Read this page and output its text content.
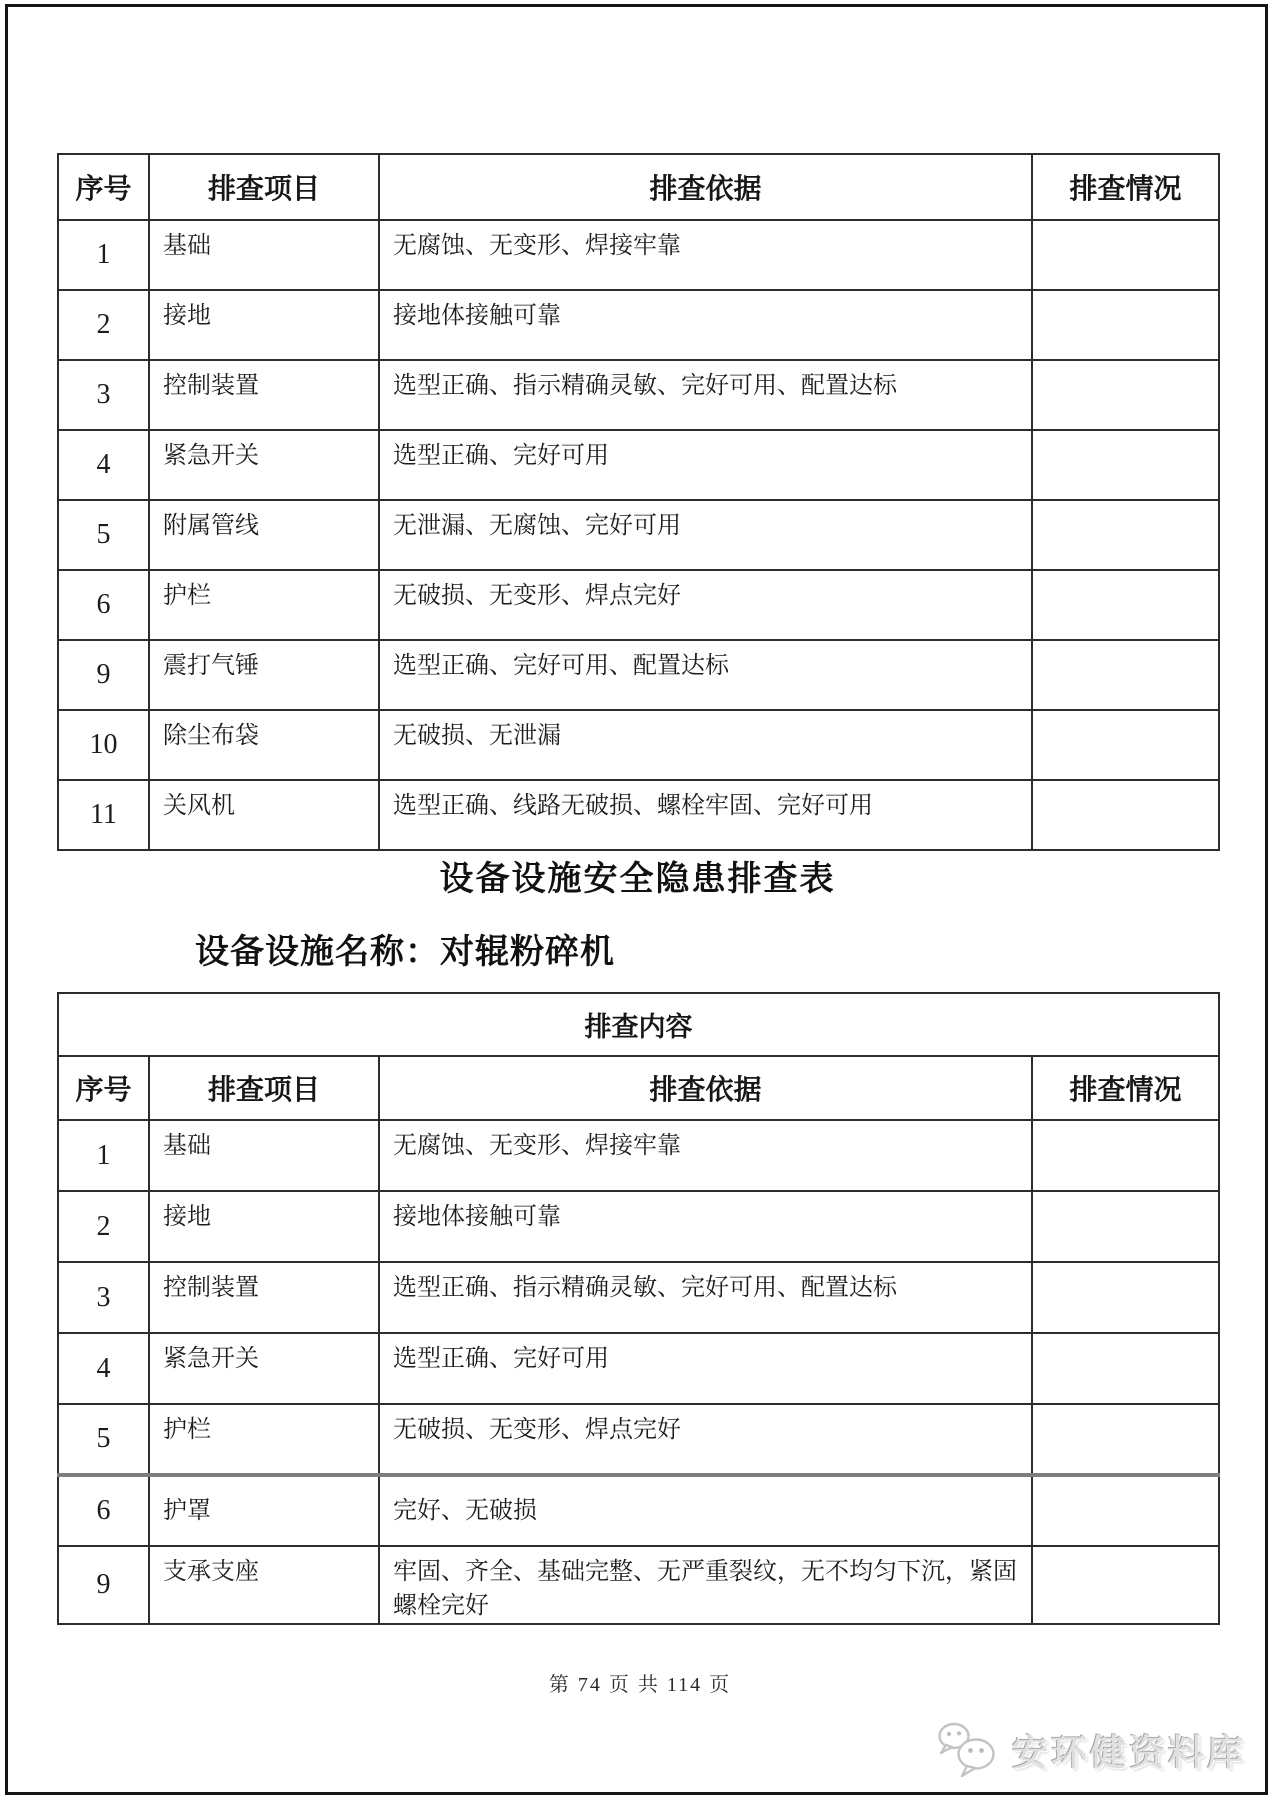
序号	排查项目	排查依据	排查情况
1	基础	无腐蚀、无变形、焊接牢靠	
2	接地	接地体接触可靠	
3	控制装置	选型正确、指示精确灵敏、完好可用、配置达标	
4	紧急开关	选型正确、完好可用	
5	附属管线	无泄漏、无腐蚀、完好可用	
6	护栏	无破损、无变形、焊点完好	
9	震打气锤	选型正确、完好可用、配置达标	
10	除尘布袋	无破损、无泄漏	
11	关风机	选型正确、线路无破损、螺栓牢固、完好可用	
设备设施安全隐患排查表
设备设施名称：对辊粉碎机
排查内容			
序号	排查项目	排查依据	排查情况
1	基础	无腐蚀、无变形、焊接牢靠	
2	接地	接地体接触可靠	
3	控制装置	选型正确、指示精确灵敏、完好可用、配置达标	
4	紧急开关	选型正确、完好可用	
5	护栏	无破损、无变形、焊点完好	
6	护罩	完好、无破损	
9	支承支座	牢固、齐全、基础完整、无严重裂纹，无不均匀下沉，紧固螺栓完好	
第 74 页 共 114 页
安环健资料库
